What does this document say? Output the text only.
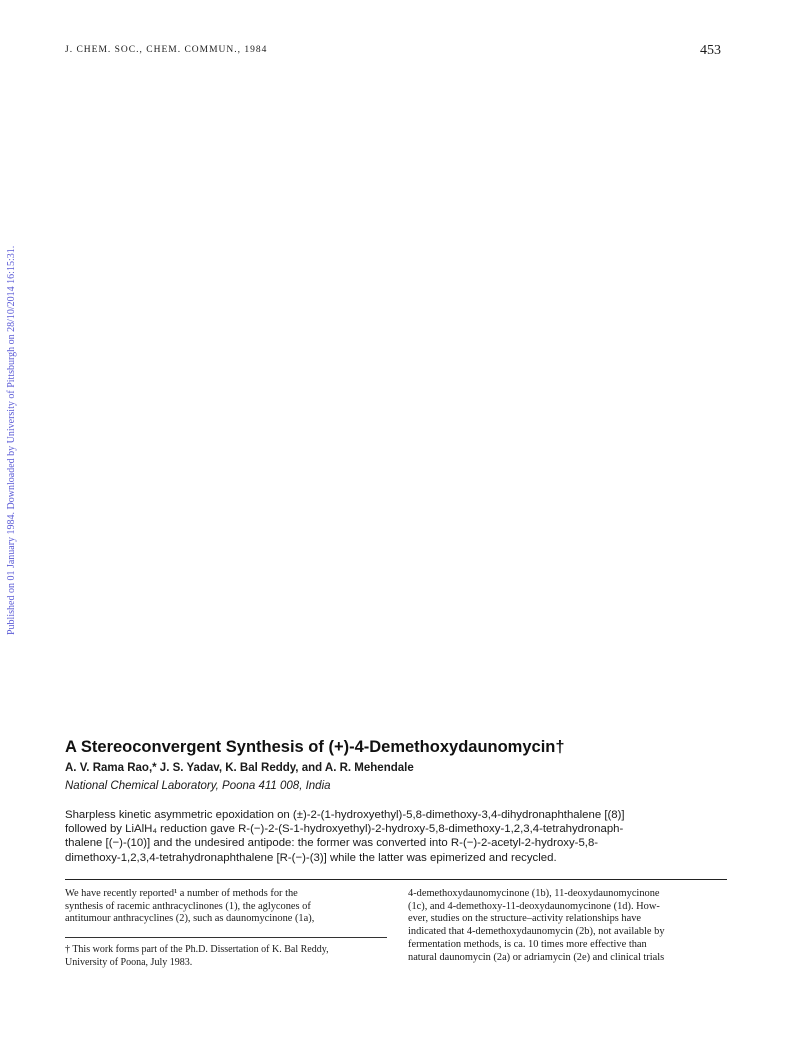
J. CHEM. SOC., CHEM. COMMUN., 1984	453
Published on 01 January 1984. Downloaded by University of Pittsburgh on 28/10/2014 16:15:31.
A Stereoconvergent Synthesis of (+)-4-Demethoxydaunomycin†
A. V. Rama Rao,* J. S. Yadav, K. Bal Reddy, and A. R. Mehendale
National Chemical Laboratory, Poona 411 008, India
Sharpless kinetic asymmetric epoxidation on (±)-2-(1-hydroxyethyl)-5,8-dimethoxy-3,4-dihydronaphthalene [(8)]
followed by LiAlH₄ reduction gave R-(−)-2-(S-1-hydroxyethyl)-2-hydroxy-5,8-dimethoxy-1,2,3,4-tetrahydronaph-
thalene [(−)-(10)] and the undesired antipode: the former was converted into R-(−)-2-acetyl-2-hydroxy-5,8-
dimethoxy-1,2,3,4-tetrahydronaphthalene [R-(−)-(3)] while the latter was epimerized and recycled.
We have recently reported¹ a number of methods for the
synthesis of racemic anthracyclinones (1), the aglycones of
antitumour anthracyclines (2), such as daunomycinone (1a),
† This work forms part of the Ph.D. Dissertation of K. Bal Reddy,
University of Poona, July 1983.
4-demethoxydaunomycinone (1b), 11-deoxydaunomycinone
(1c), and 4-demethoxy-11-deoxydaunomycinone (1d). How-
ever, studies on the structure–activity relationships have
indicated that 4-demethoxydaunomycin (2b), not available by
fermentation methods, is ca. 10 times more effective than
natural daunomycin (2a) or adriamycin (2e) and clinical trials
